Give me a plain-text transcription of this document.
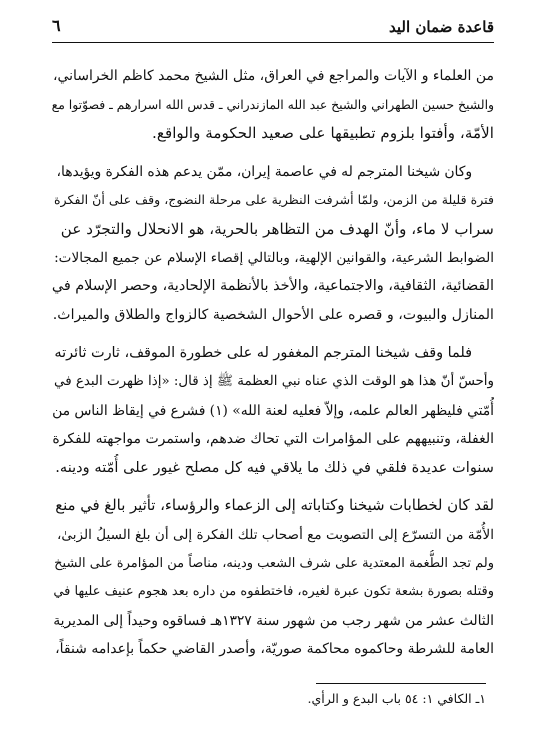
قاعدة ضمان اليد
٦

من العلماء و الآيات والمراجع في العراق، مثل الشيخ محمد كاظم الخراساني،
والشيخ حسين الطهراني والشيخ عبد الله المازندراني ـ قدس الله اسرارهم ـ فصوّتوا مع
الأمّة، وأفتوا بلزوم تطبيقها على صعيد الحكومة والواقع.

وكان شيخنا المترجم له في عاصمة إيران، ممّن يدعم هذه الفكرة ويؤيدها،
فترة قليلة من الزمن، ولمّا أشرفت النظرية على مرحلة النضوج، وقف على أنّ الفكرة
سراب لا ماء، وأنّ الهدف من التظاهر بالحرية، هو الانحلال والتجرّد عن
الضوابط الشرعية، والقوانين الإلهية، وبالتالي إقصاء الإسلام عن جميع المجالات:
القضائية، الثقافية، والاجتماعية، والأخذ بالأنظمة الإلحادية، وحصر الإسلام في
المنازل والبيوت، و قصره على الأحوال الشخصية كالزواج والطلاق والميراث.

فلما وقف شيخنا المترجم المغفور له على خطورة الموقف، ثارت ثائرته
وأحسّ أنّ هذا هو الوقت الذي عناه نبي العظمة ﷺ إذ قال: «إذا ظهرت البدع في
أُمّتي فليظهر العالم علمه، وإلاّ فعليه لعنة الله» (١) فشرع في إيقاظ الناس من
الغفلة، وتنبيههم على المؤامرات التي تحاك ضدهم، واستمرت مواجهته للفكرة
سنوات عديدة فلقي في ذلك ما يلاقي فيه كل مصلح غيور على أُمّته ودينه.

لقد كان لخطابات شيخنا وكتاباته إلى الزعماء والرؤساء، تأثير بالغ في منع
الأُمّة من التسرّع إلى التصويت مع أصحاب تلك الفكرة إلى أن بلغ السيلُ الزبىٰ،
ولم تجد الطُّغمة المعتدية على شرف الشعب ودينه، مناصاً من المؤامرة على الشيخ
وقتله بصورة بشعة تكون عبرة لغيره، فاختطفوه من داره بعد هجوم عنيف عليها في
الثالث عشر من شهر رجب من شهور سنة ١٣٢٧هـ فساقوه وحيداً إلى المديرية
العامة للشرطة وحاكموه محاكمة صوريّة، وأصدر القاضي حكماً بإعدامه شنقاً،

١ـ الكافي ١: ٥٤ باب البدع و الرأي.
